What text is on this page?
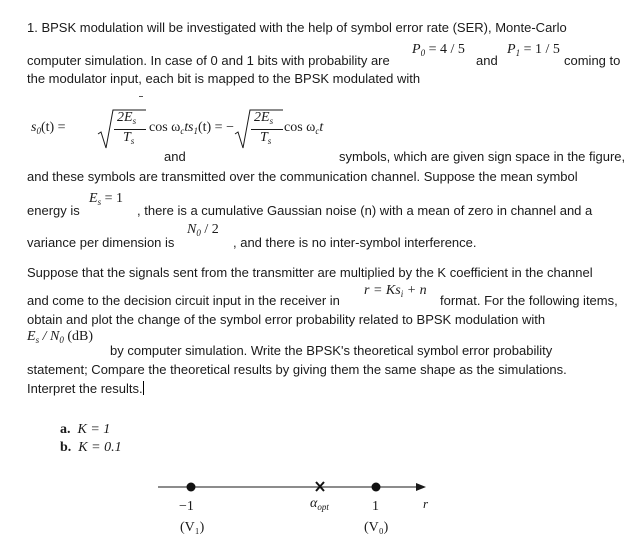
1. BPSK modulation will be investigated with the help of symbol error rate (SER), Monte-Carlo
computer simulation. In case of 0 and 1 bits with probability are
$P_0 = 4 / 5$
and
$P_1 = 1 / 5$
coming to
the modulator input, each bit is mapped to the BPSK modulated with
$s_0(t)$ =
$2E_s$
$T_s$
$\cos \omega_ct$ $s_1(t)$ = −
$2E_s$
$T_s$
$\cos \omega_ct$
and	symbols, which are given sign space in the figure,
and these symbols are transmitted over the communication channel. Suppose the mean symbol
energy is
$E_s = 1$
, there is a cumulative Gaussian noise (n) with a mean of zero in channel and a
variance per dimension is
$N_0 / 2$
, and there is no inter-symbol interference.
Suppose that the signals sent from the transmitter are multiplied by the K coefficient in the channel
and come to the decision circuit input in the receiver in
$r = Ks_i + n$
format. For the following items,
obtain and plot the change of the symbol error probability related to BPSK modulation with
$E_s / N_0$ (dB)
by computer simulation. Write the BPSK's theoretical symbol error probability
statement; Compare the theoretical results by giving them the same shape as the simulations.
Interpret the results.
a. K = 1
b. K = 0.1
−1
(V₁)
$\alpha_{opt}$	1
(V₀)
r
